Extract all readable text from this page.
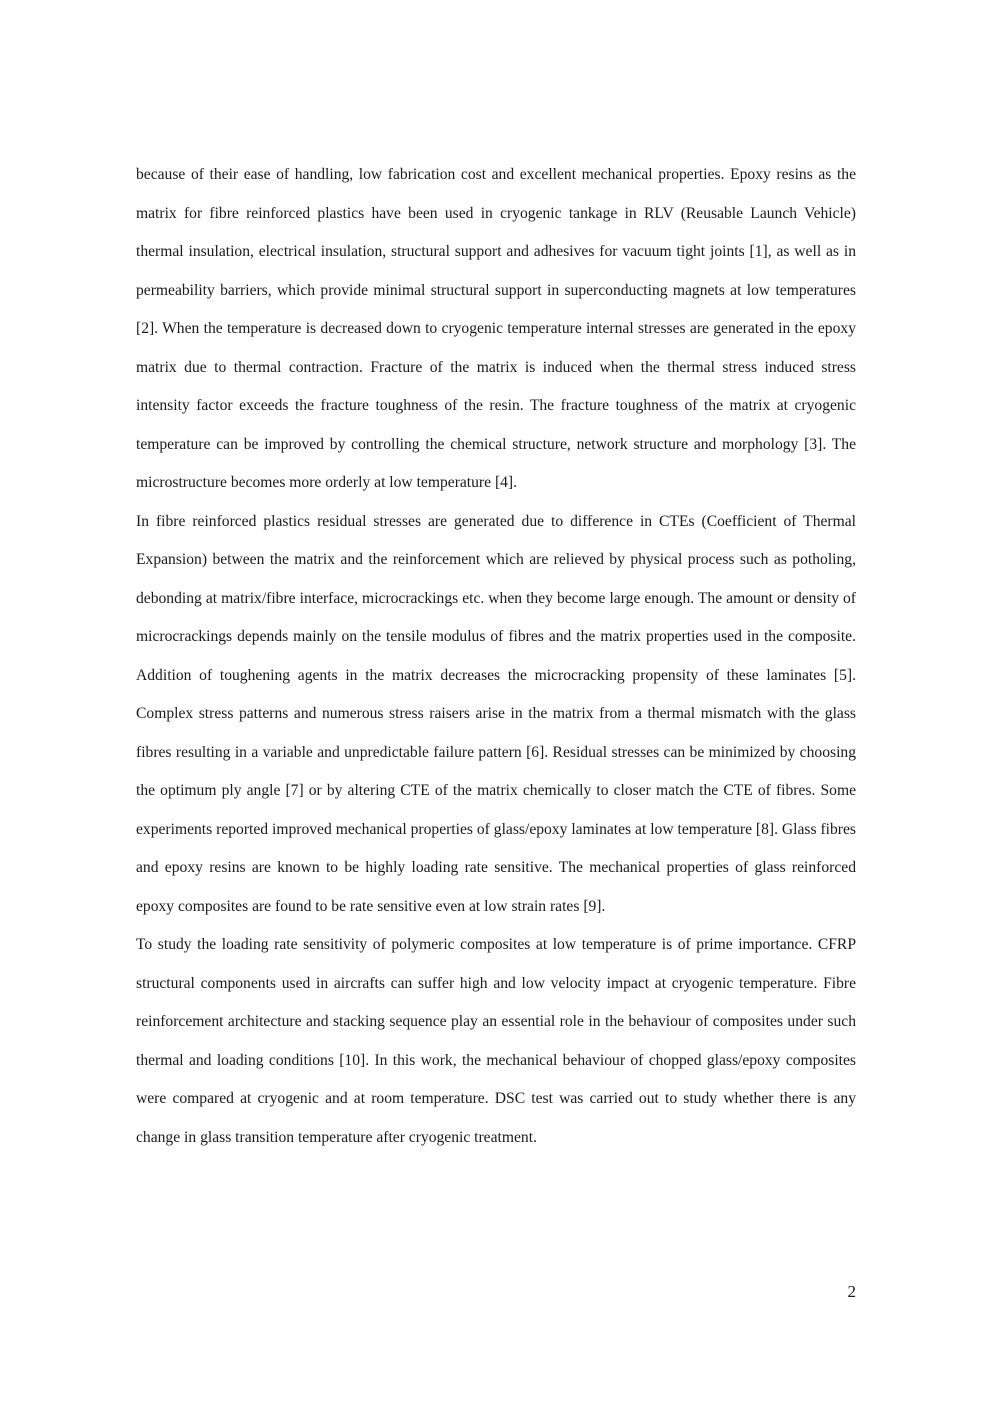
because of their ease of handling, low fabrication cost and excellent mechanical properties. Epoxy resins as the matrix for fibre reinforced plastics have been used in cryogenic tankage in RLV (Reusable Launch Vehicle) thermal insulation, electrical insulation, structural support and adhesives for vacuum tight joints [1], as well as in permeability barriers, which provide minimal structural support in superconducting magnets at low temperatures [2]. When the temperature is decreased down to cryogenic temperature internal stresses are generated in the epoxy matrix due to thermal contraction. Fracture of the matrix is induced when the thermal stress induced stress intensity factor exceeds the fracture toughness of the resin. The fracture toughness of the matrix at cryogenic temperature can be improved by controlling the chemical structure, network structure and morphology [3]. The microstructure becomes more orderly at low temperature [4].

In fibre reinforced plastics residual stresses are generated due to difference in CTEs (Coefficient of Thermal Expansion) between the matrix and the reinforcement which are relieved by physical process such as potholing, debonding at matrix/fibre interface, microcrackings etc. when they become large enough. The amount or density of microcrackings depends mainly on the tensile modulus of fibres and the matrix properties used in the composite. Addition of toughening agents in the matrix decreases the microcracking propensity of these laminates [5]. Complex stress patterns and numerous stress raisers arise in the matrix from a thermal mismatch with the glass fibres resulting in a variable and unpredictable failure pattern [6]. Residual stresses can be minimized by choosing the optimum ply angle [7] or by altering CTE of the matrix chemically to closer match the CTE of fibres. Some experiments reported improved mechanical properties of glass/epoxy laminates at low temperature [8]. Glass fibres and epoxy resins are known to be highly loading rate sensitive. The mechanical properties of glass reinforced epoxy composites are found to be rate sensitive even at low strain rates [9].

To study the loading rate sensitivity of polymeric composites at low temperature is of prime importance. CFRP structural components used in aircrafts can suffer high and low velocity impact at cryogenic temperature. Fibre reinforcement architecture and stacking sequence play an essential role in the behaviour of composites under such thermal and loading conditions [10]. In this work, the mechanical behaviour of chopped glass/epoxy composites were compared at cryogenic and at room temperature. DSC test was carried out to study whether there is any change in glass transition temperature after cryogenic treatment.

2
